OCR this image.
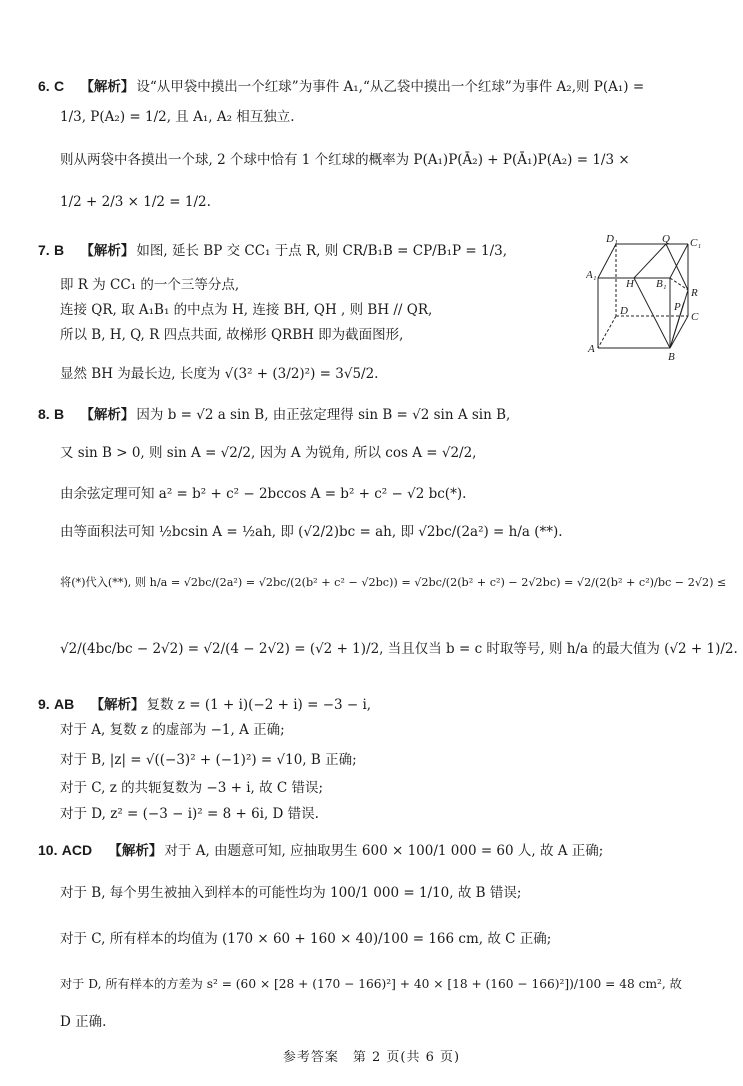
6. C 【解析】 设“从甲袋中摸出一个红球”为事件 A₁,“从乙袋中摸出一个红球”为事件 A₂,则 P(A₁) =
1/3, P(A₂) = 1/2, 且 A₁, A₂ 相互独立.
则从两袋中各摸出一个球, 2 个球中恰有 1 个红球的概率为 P(A₁)P(Ā₂) + P(Ā₁)P(A₂) = 1/3 ×
1/2 + 2/3 × 1/2 = 1/2.
7. B 【解析】 如图, 延长 BP 交 CC₁ 于点 R, 则 CR/B₁B = CP/B₁P = 1/3,
即 R 为 CC₁ 的一个三等分点,
连接 QR, 取 A₁B₁ 的中点为 H, 连接 BH, QH , 则 BH // QR,
所以 B, H, Q, R 四点共面, 故梯形 QRBH 即为截面图形,
显然 BH 为最长边, 长度为 √(3² + (3/2)²) = 3√5/2.
D₁	Q C₁
A₁
H B₁
R
D	P
C
A
B
8. B 【解析】 因为 b = √2 a sin B, 由正弦定理得 sin B = √2 sin A sin B,
又 sin B > 0, 则 sin A = √2/2, 因为 A 为锐角, 所以 cos A = √2/2,
由余弦定理可知 a² = b² + c² − 2bccos A = b² + c² − √2 bc(*).
由等面积法可知 ½bcsin A = ½ah, 即 (√2/2)bc = ah, 即 √2bc/(2a²) = h/a (**).
将(*)代入(**), 则 h/a = √2bc/(2a²) = √2bc/(2(b² + c² − √2bc)) = √2bc/(2(b² + c²) − 2√2bc) = √2/(2(b² + c²)/bc − 2√2) ≤
√2/(4bc/bc − 2√2) = √2/(4 − 2√2) = (√2 + 1)/2, 当且仅当 b = c 时取等号, 则 h/a 的最大值为 (√2 + 1)/2.
9. AB 【解析】 复数 z = (1 + i)(−2 + i) = −3 − i,
对于 A, 复数 z 的虚部为 −1, A 正确;
对于 B, |z| = √((−3)² + (−1)²) = √10, B 正确;
对于 C, z 的共轭复数为 −3 + i, 故 C 错误;
对于 D, z² = (−3 − i)² = 8 + 6i, D 错误.
10. ACD 【解析】 对于 A, 由题意可知, 应抽取男生 600 × 100/1 000 = 60 人, 故 A 正确;
对于 B, 每个男生被抽入到样本的可能性均为 100/1 000 = 1/10, 故 B 错误;
对于 C, 所有样本的均值为 (170 × 60 + 160 × 40)/100 = 166 cm, 故 C 正确;
对于 D, 所有样本的方差为 s² = (60 × [28 + (170 − 166)²] + 40 × [18 + (160 − 166)²])/100 = 48 cm², 故
D 正确.
参考答案　第 2 页(共 6 页)
